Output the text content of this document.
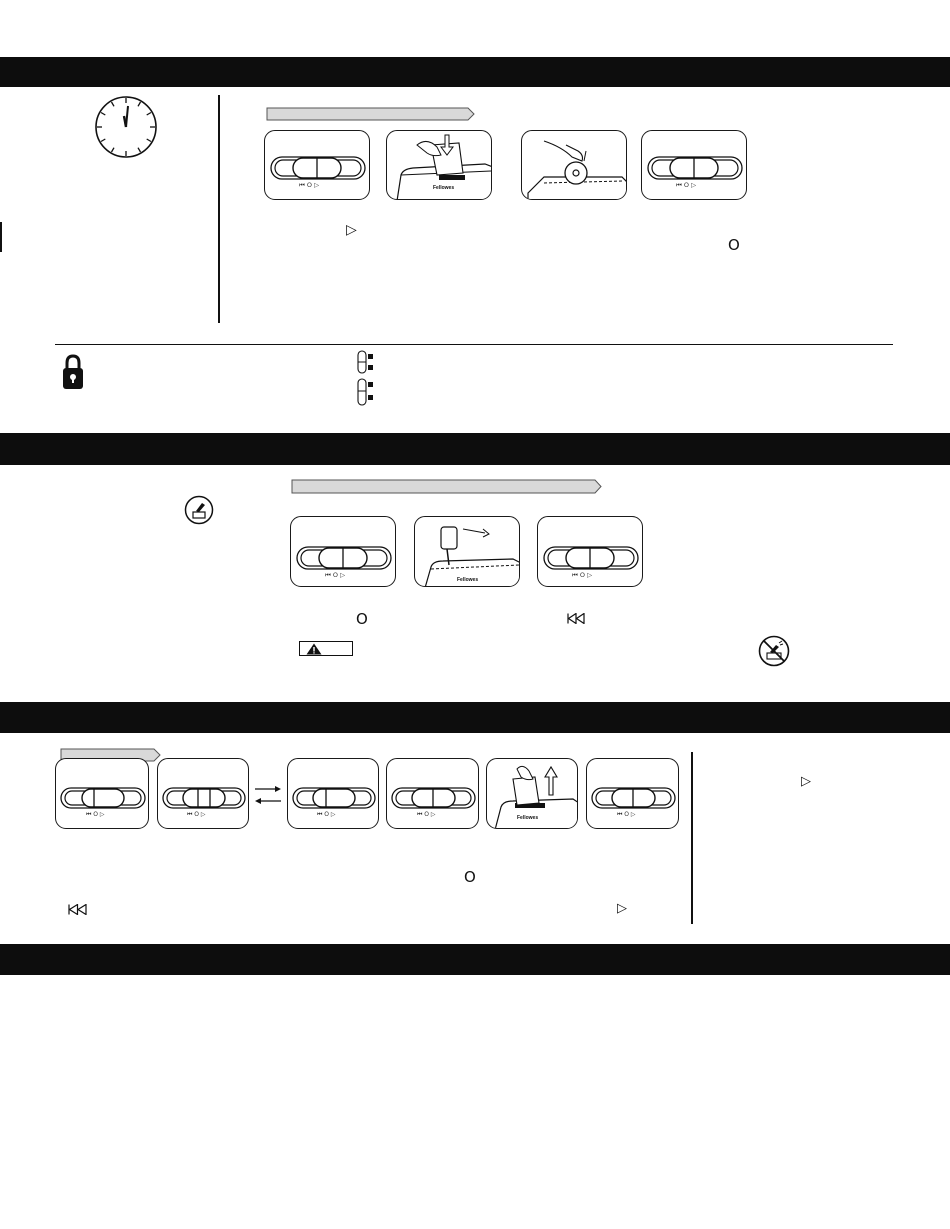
⏮ O ▷	Fellowes	⏮ O ▷
▷
O
⏮ O ▷
Fellowes
⏮ O ▷
O
⏮ O ▷	⏮ O ▷	⏮ O ▷	⏮ O ▷	Fellowes	⏮ O ▷
O
▷
▷
